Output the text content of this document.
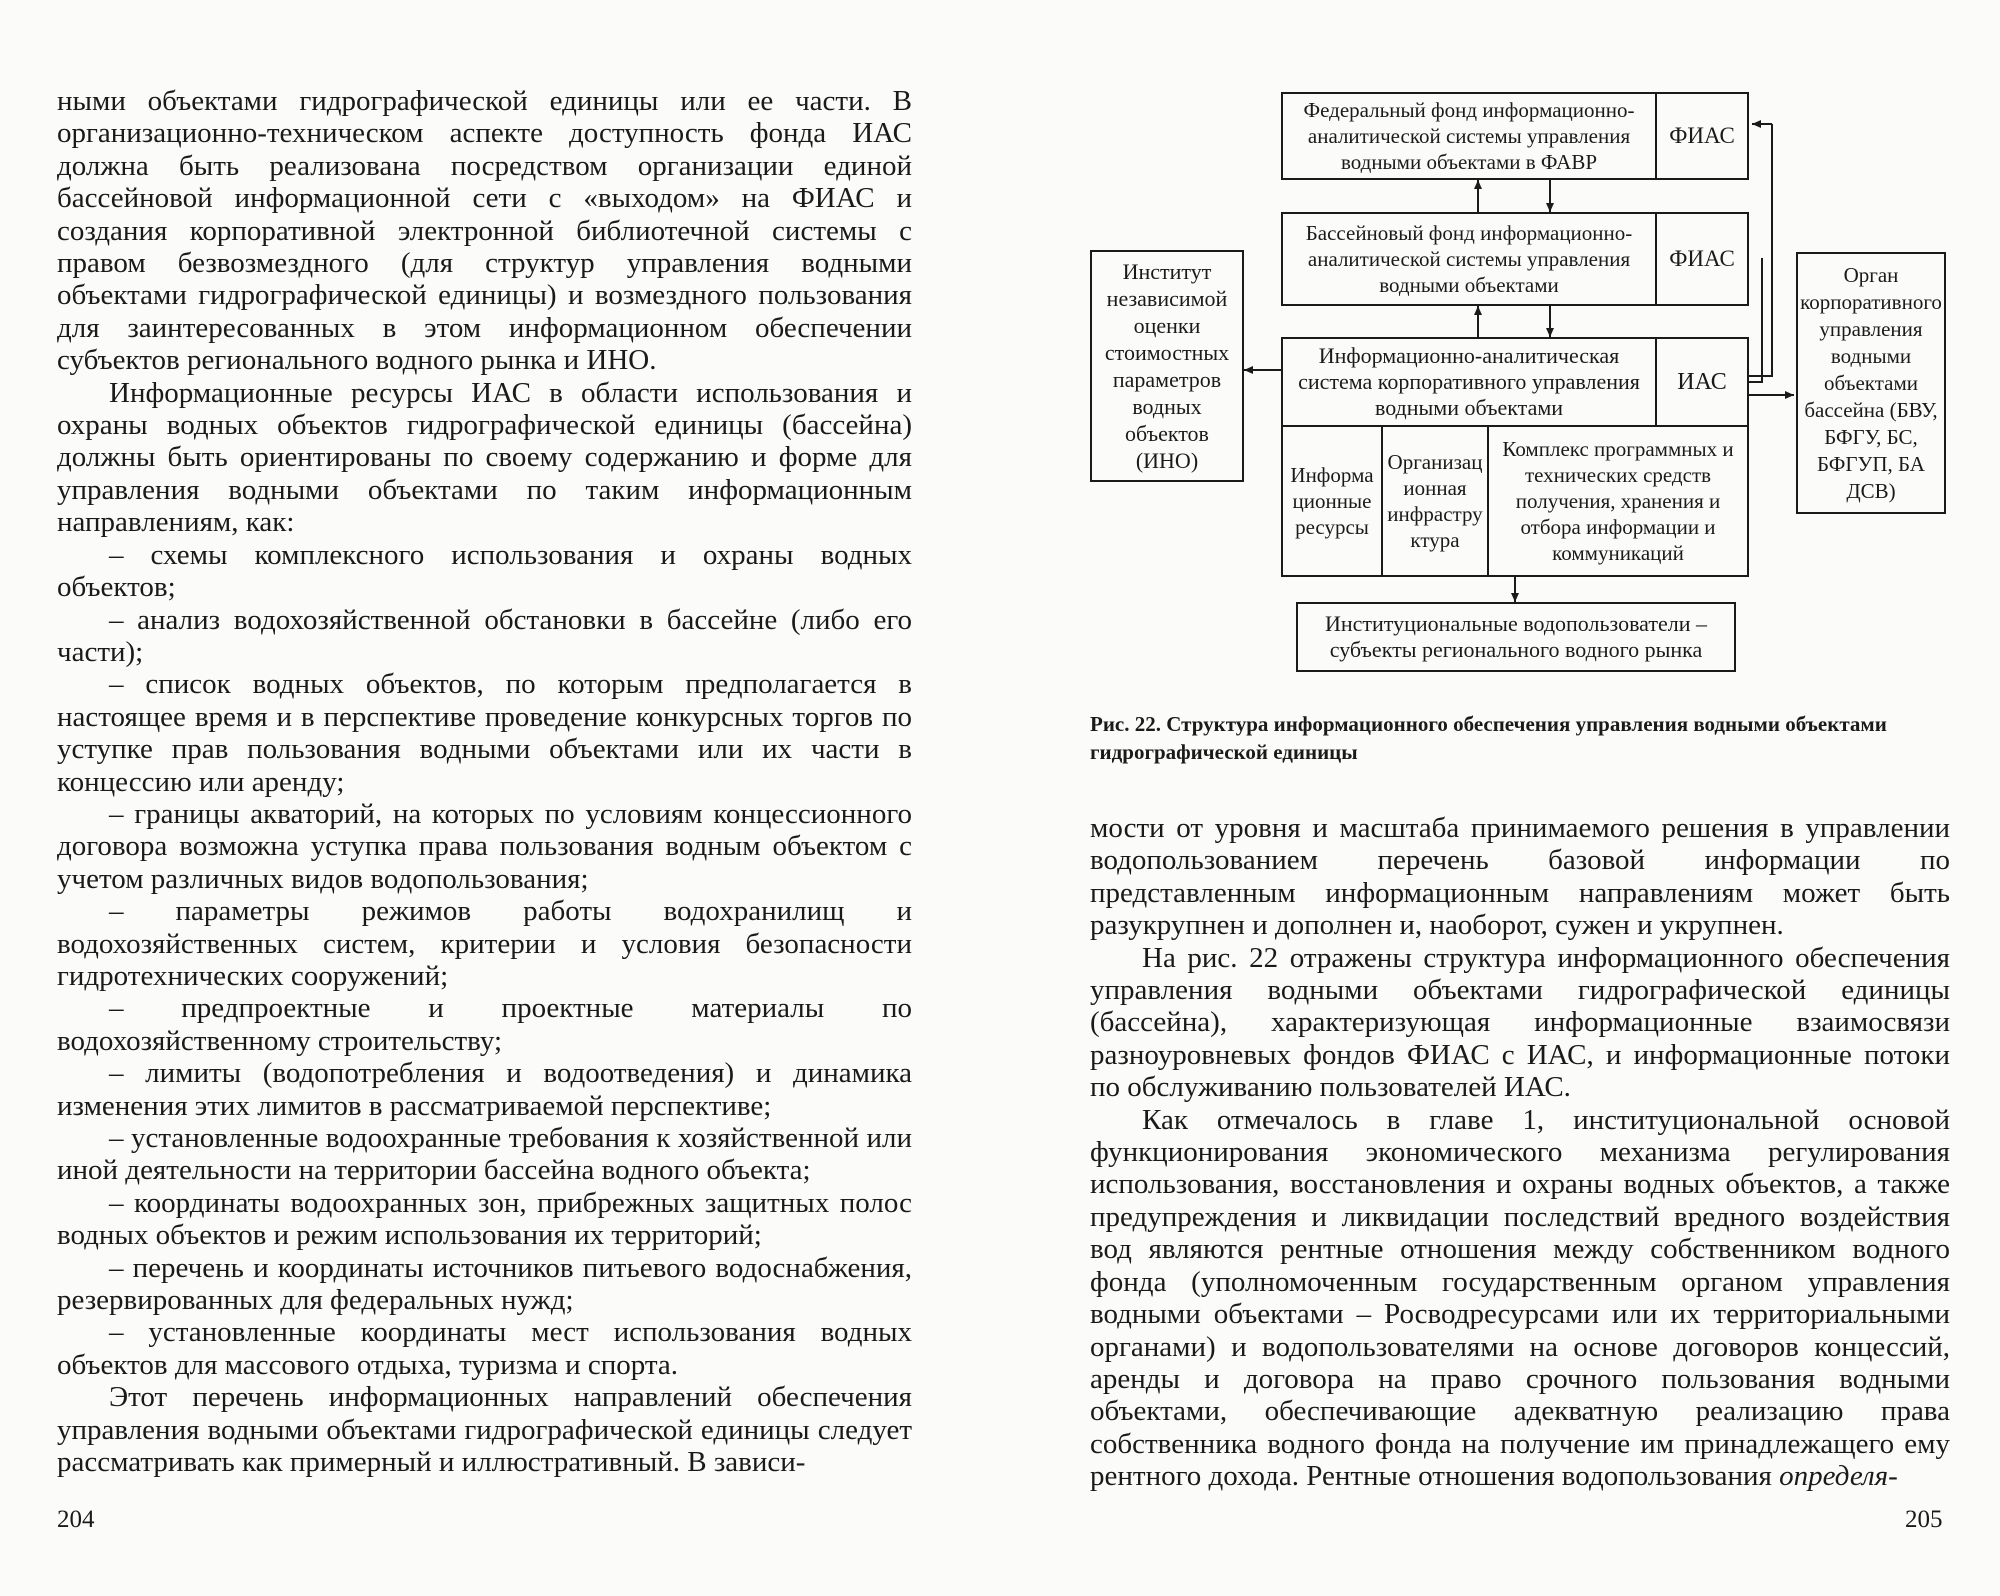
ными объектами гидрографической единицы или ее части. В организационно-техническом аспекте доступность фонда ИАС должна быть реализована посредством организации единой бассейновой информационной сети с «выходом» на ФИАС и создания корпоративной электронной библиотечной системы с правом безвозмездного (для структур управления водными объектами гидрографической единицы) и возмездного пользования для заинтересованных в этом информационном обеспечении субъектов регионального водного рынка и ИНО.

Информационные ресурсы ИАС в области использования и охраны водных объектов гидрографической единицы (бассейна) должны быть ориентированы по своему содержанию и форме для управления водными объектами по таким информационным направлениям, как:

– схемы комплексного использования и охраны водных объектов;

– анализ водохозяйственной обстановки в бассейне (либо его части);

– список водных объектов, по которым предполагается в настоящее время и в перспективе проведение конкурсных торгов по уступке прав пользования водными объектами или их части в концессию или аренду;

– границы акваторий, на которых по условиям концессионного договора возможна уступка права пользования водным объектом с учетом различных видов водопользования;

– параметры режимов работы водохранилищ и водохозяйственных систем, критерии и условия безопасности гидротехнических сооружений;

– предпроектные и проектные материалы по водохозяйственному строительству;

– лимиты (водопотребления и водоотведения) и динамика изменения этих лимитов в рассматриваемой перспективе;

– установленные водоохранные требования к хозяйственной или иной деятельности на территории бассейна водного объекта;

– координаты водоохранных зон, прибрежных защитных полос водных объектов и режим использования их территорий;

– перечень и координаты источников питьевого водоснабжения, резервированных для федеральных нужд;

– установленные координаты мест использования водных объектов для массового отдыха, туризма и спорта.

Этот перечень информационных направлений обеспечения управления водными объектами гидрографической единицы следует рассматривать как примерный и иллюстративный. В зависи-

204
Федеральный фонд информационно-аналитической системы управления водными объектами в ФАВР
ФИАС
Бассейновый фонд информационно-аналитической системы управления водными объектами
ФИАС
Информационно-аналитическая система корпоративного управления водными объектами
ИАС
Информационные ресурсы
Организационная инфраструктура
Комплекс программных и технических средств получения, хранения и отбора информации и коммуникаций
Институт независимой оценки стоимостных параметров водных объектов (ИНО)
Орган корпоративного управления водными объектами бассейна (БВУ, БФГУ, БС, БФГУП, БА ДСВ)
Институциональные водопользователи – субъекты регионального водного рынка
Рис. 22. Структура информационного обеспечения управления водными объектами гидрографической единицы

мости от уровня и масштаба принимаемого решения в управлении водопользованием перечень базовой информации по представленным информационным направлениям может быть разукрупнен и дополнен и, наоборот, сужен и укрупнен.

На рис. 22 отражены структура информационного обеспечения управления водными объектами гидрографической единицы (бассейна), характеризующая информационные взаимосвязи разноуровневых фондов ФИАС с ИАС, и информационные потоки по обслуживанию пользователей ИАС.

Как отмечалось в главе 1, институциональной основой функционирования экономического механизма регулирования использования, восстановления и охраны водных объектов, а также предупреждения и ликвидации последствий вредного воздействия вод являются рентные отношения между собственником водного фонда (уполномоченным государственным органом управления водными объектами – Росводресурсами или их территориальными органами) и водопользователями на основе договоров концессий, аренды и договора на право срочного пользования водными объектами, обеспечивающие адекватную реализацию права собственника водного фонда на получение им принадлежащего ему рентного дохода. Рентные отношения водопользования определя-

205
